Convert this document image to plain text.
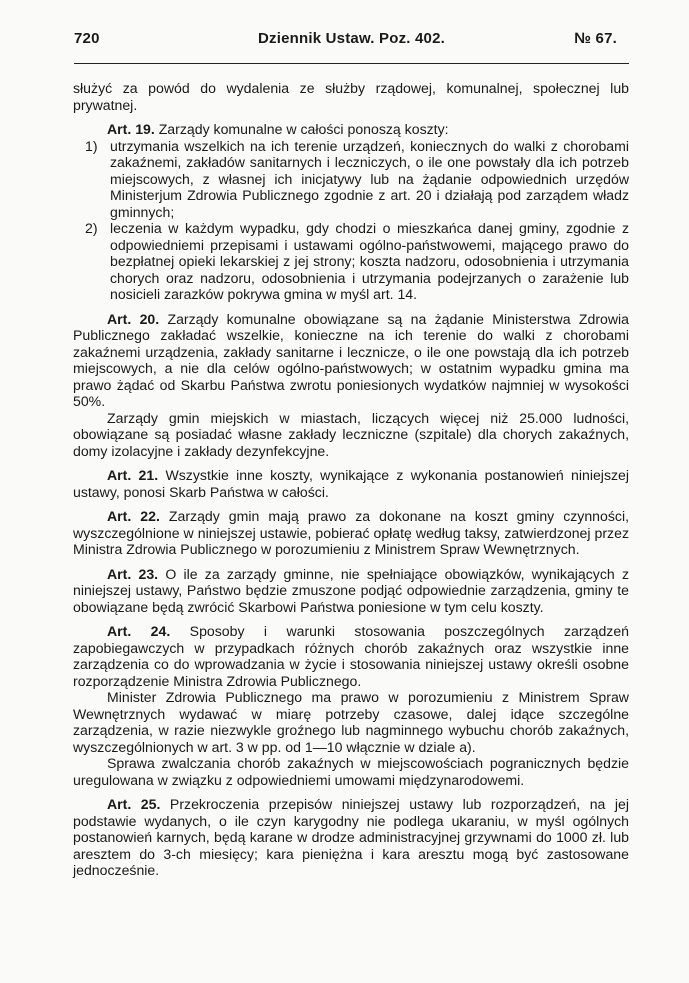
720	Dziennik Ustaw. Poz. 402.	№ 67.

służyć za powód do wydalenia ze służby rządowej, komunalnej, społecznej lub prywatnej.

Art. 19. Zarządy komunalne w całości ponoszą koszty:

1) utrzymania wszelkich na ich terenie urządzeń, koniecznych do walki z chorobami zakaźnemi, zakładów sanitarnych i leczniczych, o ile one powstały dla ich potrzeb miejscowych, z własnej ich inicjatywy lub na żądanie odpowiednich urzędów Ministerjum Zdrowia Publicznego zgodnie z art. 20 i działają pod zarządem władz gminnych;
2) leczenia w każdym wypadku, gdy chodzi o mieszkańca danej gminy, zgodnie z odpowiedniemi przepisami i ustawami ogólno-państwowemi, mającego prawo do bezpłatnej opieki lekarskiej z jej strony; koszta nadzoru, odosobnienia i utrzymania chorych oraz nadzoru, odosobnienia i utrzymania podejrzanych o zarażenie lub nosicieli zarazków pokrywa gmina w myśl art. 14.

Art. 20. Zarządy komunalne obowiązane są na żądanie Ministerstwa Zdrowia Publicznego zakładać wszelkie, konieczne na ich terenie do walki z chorobami zakaźnemi urządzenia, zakłady sanitarne i lecznicze, o ile one powstają dla ich potrzeb miejscowych, a nie dla celów ogólno-państwowych; w ostatnim wypadku gmina ma prawo żądać od Skarbu Państwa zwrotu poniesionych wydatków najmniej w wysokości 50%.

Zarządy gmin miejskich w miastach, liczących więcej niż 25.000 ludności, obowiązane są posiadać własne zakłady leczniczne (szpitale) dla chorych zakaźnych, domy izolacyjne i zakłady dezynfekcyjne.

Art. 21. Wszystkie inne koszty, wynikające z wykonania postanowień niniejszej ustawy, ponosi Skarb Państwa w całości.

Art. 22. Zarządy gmin mają prawo za dokonane na koszt gminy czynności, wyszczególnione w niniejszej ustawie, pobierać opłatę według taksy, zatwierdzonej przez Ministra Zdrowia Publicznego w porozumieniu z Ministrem Spraw Wewnętrznych.

Art. 23. O ile za zarządy gminne, nie spełniające obowiązków, wynikających z niniejszej ustawy, Państwo będzie zmuszone podjąć odpowiednie zarządzenia, gminy te obowiązane będą zwrócić Skarbowi Państwa poniesione w tym celu koszty.

Art. 24. Sposoby i warunki stosowania poszczególnych zarządzeń zapobiegawczych w przypadkach różnych chorób zakaźnych oraz wszystkie inne zarządzenia co do wprowadzania w życie i stosowania niniejszej ustawy określi osobne rozporządzenie Ministra Zdrowia Publicznego.

Minister Zdrowia Publicznego ma prawo w porozumieniu z Ministrem Spraw Wewnętrznych wydawać w miarę potrzeby czasowe, dalej idące szczególne zarządzenia, w razie niezwykle groźnego lub nagminnego wybuchu chorób zakaźnych, wyszczególnionych w art. 3 w pp. od 1—10 włącznie w dziale a).

Sprawa zwalczania chorób zakaźnych w miejscowościach pogranicznych będzie uregulowana w związku z odpowiedniemi umowami międzynarodowemi.

Art. 25. Przekroczenia przepisów niniejszej ustawy lub rozporządzeń, na jej podstawie wydanych, o ile czyn karygodny nie podlega ukaraniu, w myśl ogólnych postanowień karnych, będą karane w drodze administracyjnej grzywnami do 1000 zł. lub aresztem do 3-ch miesięcy; kara pieniężna i kara aresztu mogą być zastosowane jednocześnie.
